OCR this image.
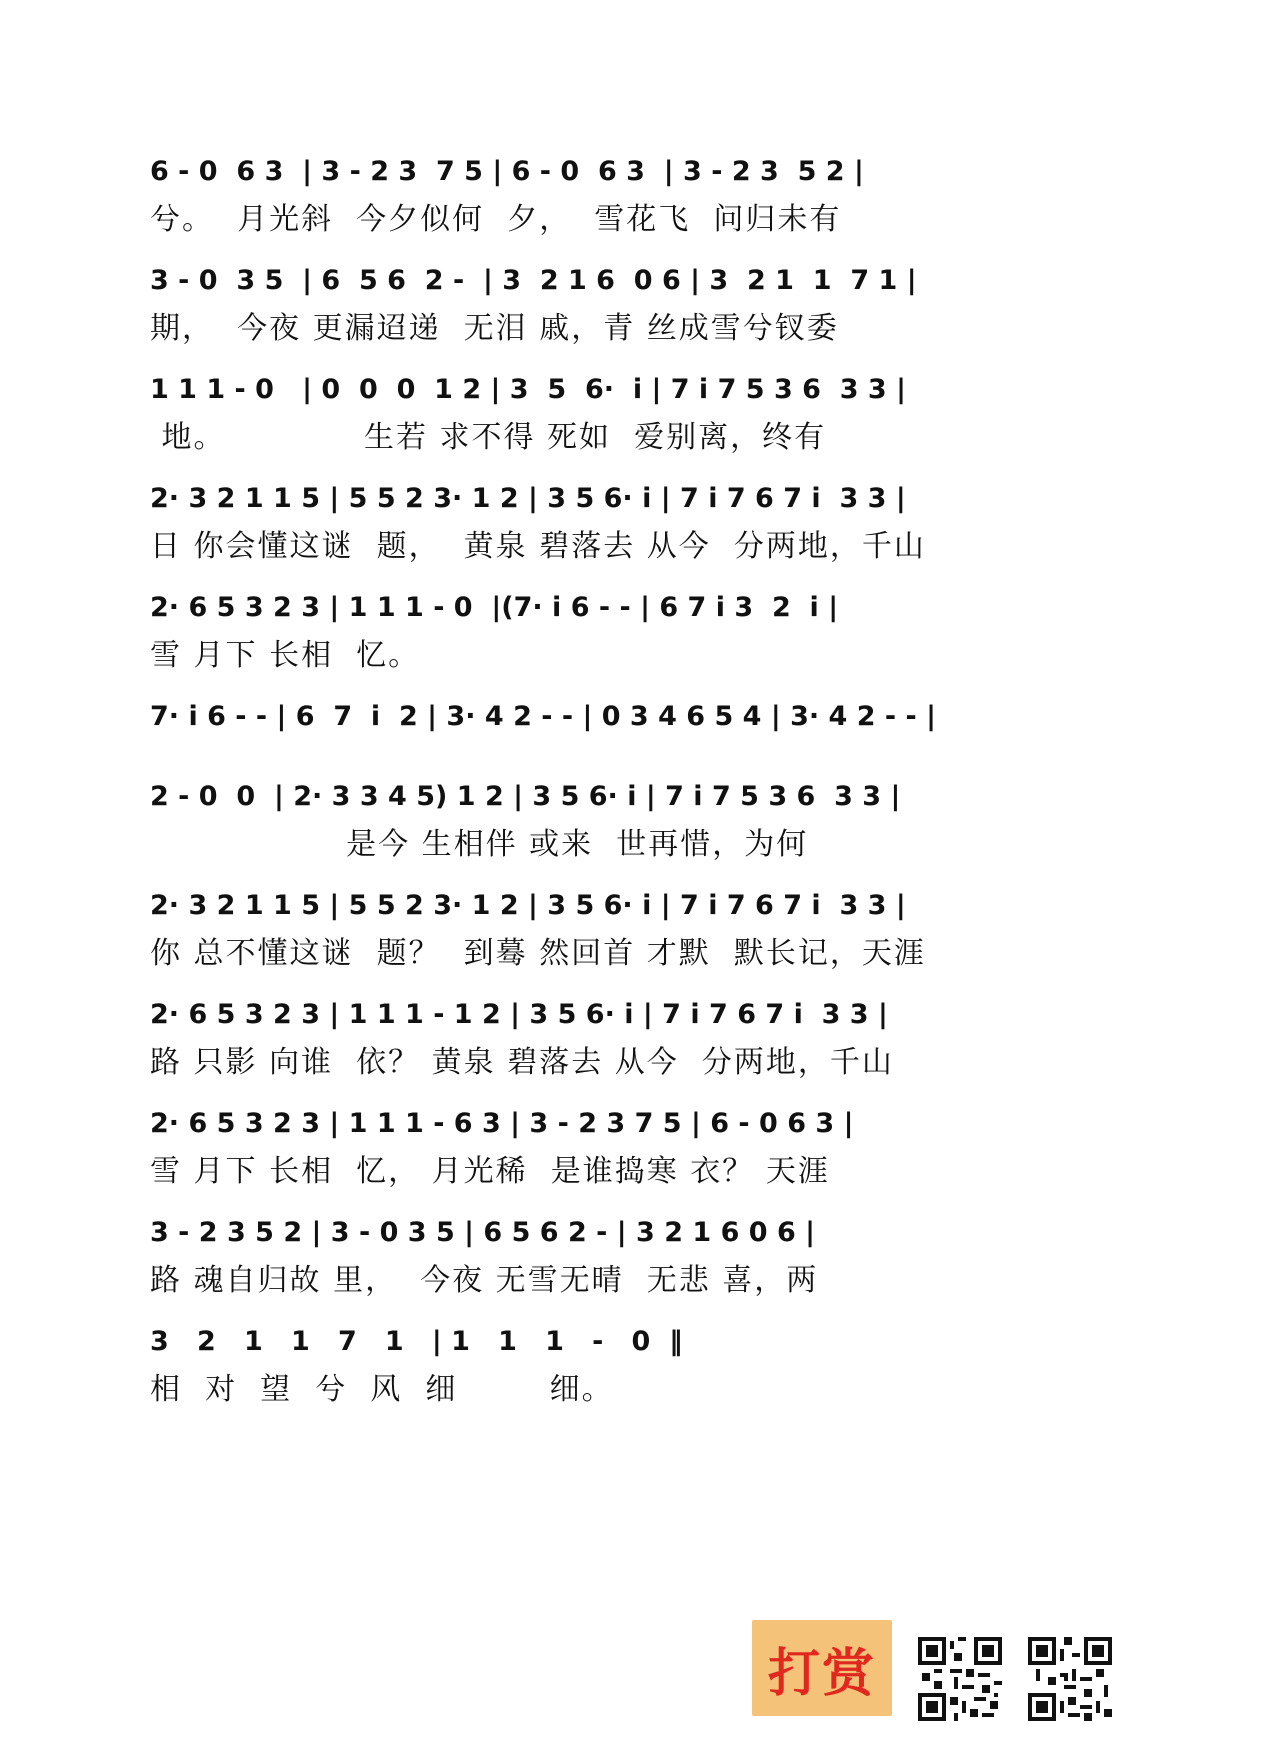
6 - 0  6 3  | 3 - 2 3  7 5 | 6 - 0  6 3  | 3 - 2 3  5 2 |
兮。  月光斜  今夕似何  夕，  雪花飞  问归未有
3 - 0  3 5  | 6  5 6  2 -  | 3  2 1 6  0 6 | 3  2 1  1  7 1 |
期，  今夜 更漏迢递  无泪 戚，青 丝成雪兮钗委
1 1 1 - 0   | 0  0  0  1 2 | 3  5  6·  i | 7 i 7 5 3 6  3 3 |
地。            生若 求不得 死如  爱别离，终有
2· 3 2 1 1 5 | 5 5 2 3· 1 2 | 3 5 6· i | 7 i 7 6 7 i  3 3 |
日 你会懂这谜  题，  黄泉 碧落去 从今  分两地，千山
2· 6 5 3 2 3 | 1 1 1 - 0  |(7· i 6 - - | 6 7 i 3  2  i |
雪 月下 长相  忆。
7· i 6 - - | 6  7  i  2 | 3· 4 2 - - | 0 3 4 6 5 4 | 3· 4 2 - - |
2 - 0  0  | 2· 3 3 4 5) 1 2 | 3 5 6· i | 7 i 7 5 3 6  3 3 |
是今 生相伴 或来  世再惜，为何
2· 3 2 1 1 5 | 5 5 2 3· 1 2 | 3 5 6· i | 7 i 7 6 7 i  3 3 |
你 总不懂这谜  题？  到蓦 然回首 才默  默长记，天涯
2· 6 5 3 2 3 | 1 1 1 - 1 2 | 3 5 6· i | 7 i 7 6 7 i  3 3 |
路 只影 向谁  依？ 黄泉 碧落去 从今  分两地，千山
2· 6 5 3 2 3 | 1 1 1 - 6 3 | 3 - 2 3 7 5 | 6 - 0 6 3 |
雪 月下 长相  忆， 月光稀  是谁捣寒 衣？ 天涯
3 - 2 3 5 2 | 3 - 0 3 5 | 6 5 6 2 - | 3 2 1 6 0 6 |
路 魂自归故 里，  今夜 无雪无晴  无悲 喜，两
3   2   1   1   7   1   | 1   1   1   -   0  ‖
相  对  望  兮  风  细        细。
打赏
